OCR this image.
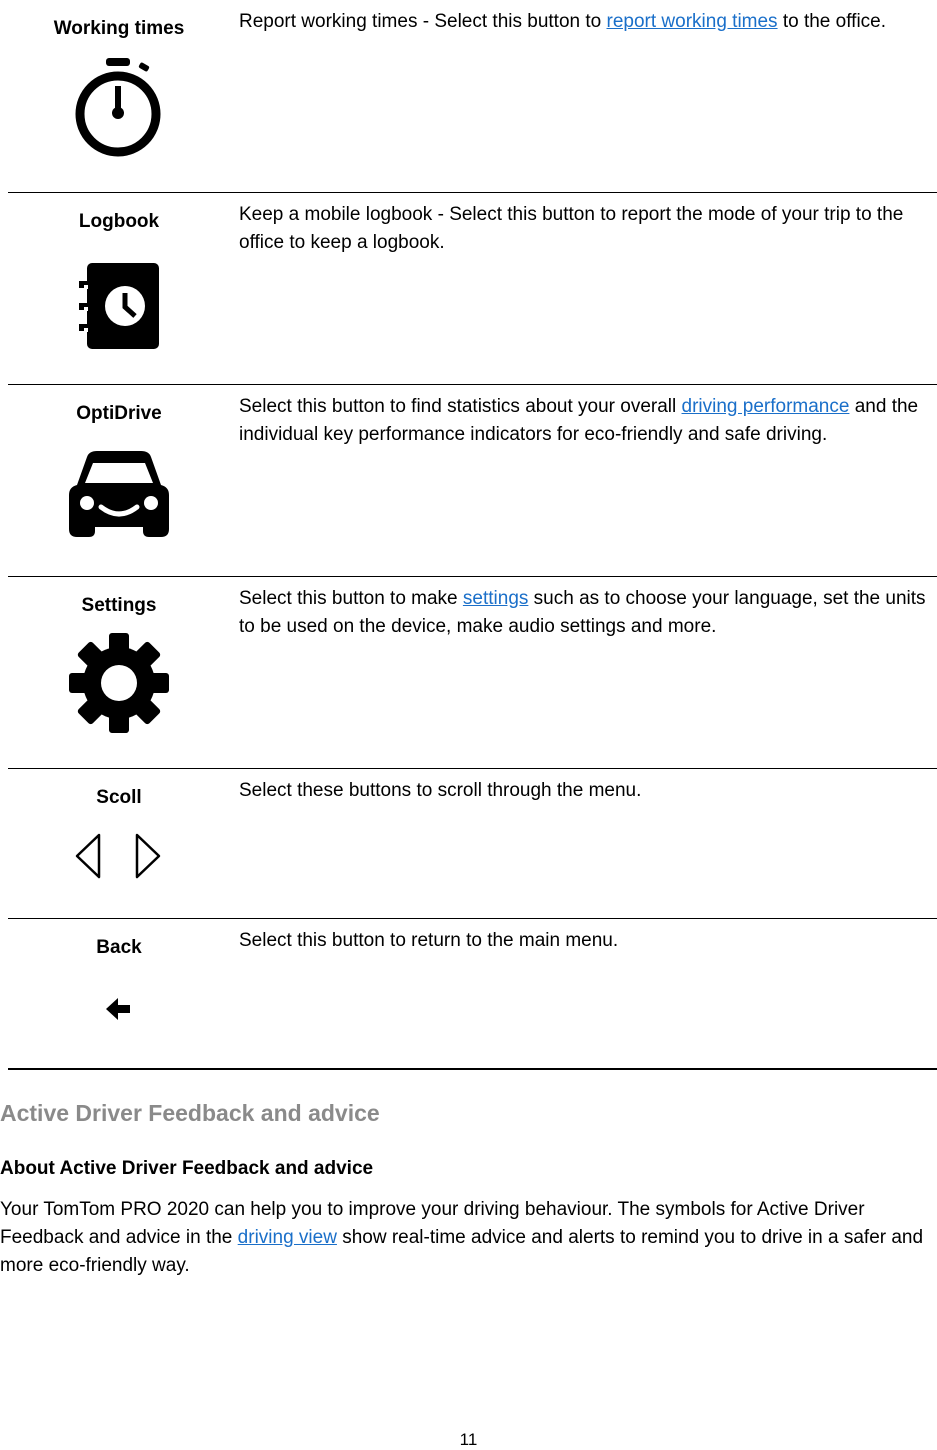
Working times	Report working times - Select this button to report working times to the office.
Logbook	Keep a mobile logbook - Select this button to report the mode of your trip to the office to keep a logbook.
OptiDrive	Select this button to find statistics about your overall driving performance and the individual key performance indicators for eco-friendly and safe driving.
Settings	Select this button to make settings such as to choose your language, set the units to be used on the device, make audio settings and more.
Scoll	Select these buttons to scroll through the menu.
Back	Select this button to return to the main menu.
Active Driver Feedback and advice
About Active Driver Feedback and advice
Your TomTom PRO 2020 can help you to improve your driving behaviour. The symbols for Active Driver Feedback and advice in the driving view show real-time advice and alerts to remind you to drive in a safer and more eco-friendly way.
11
